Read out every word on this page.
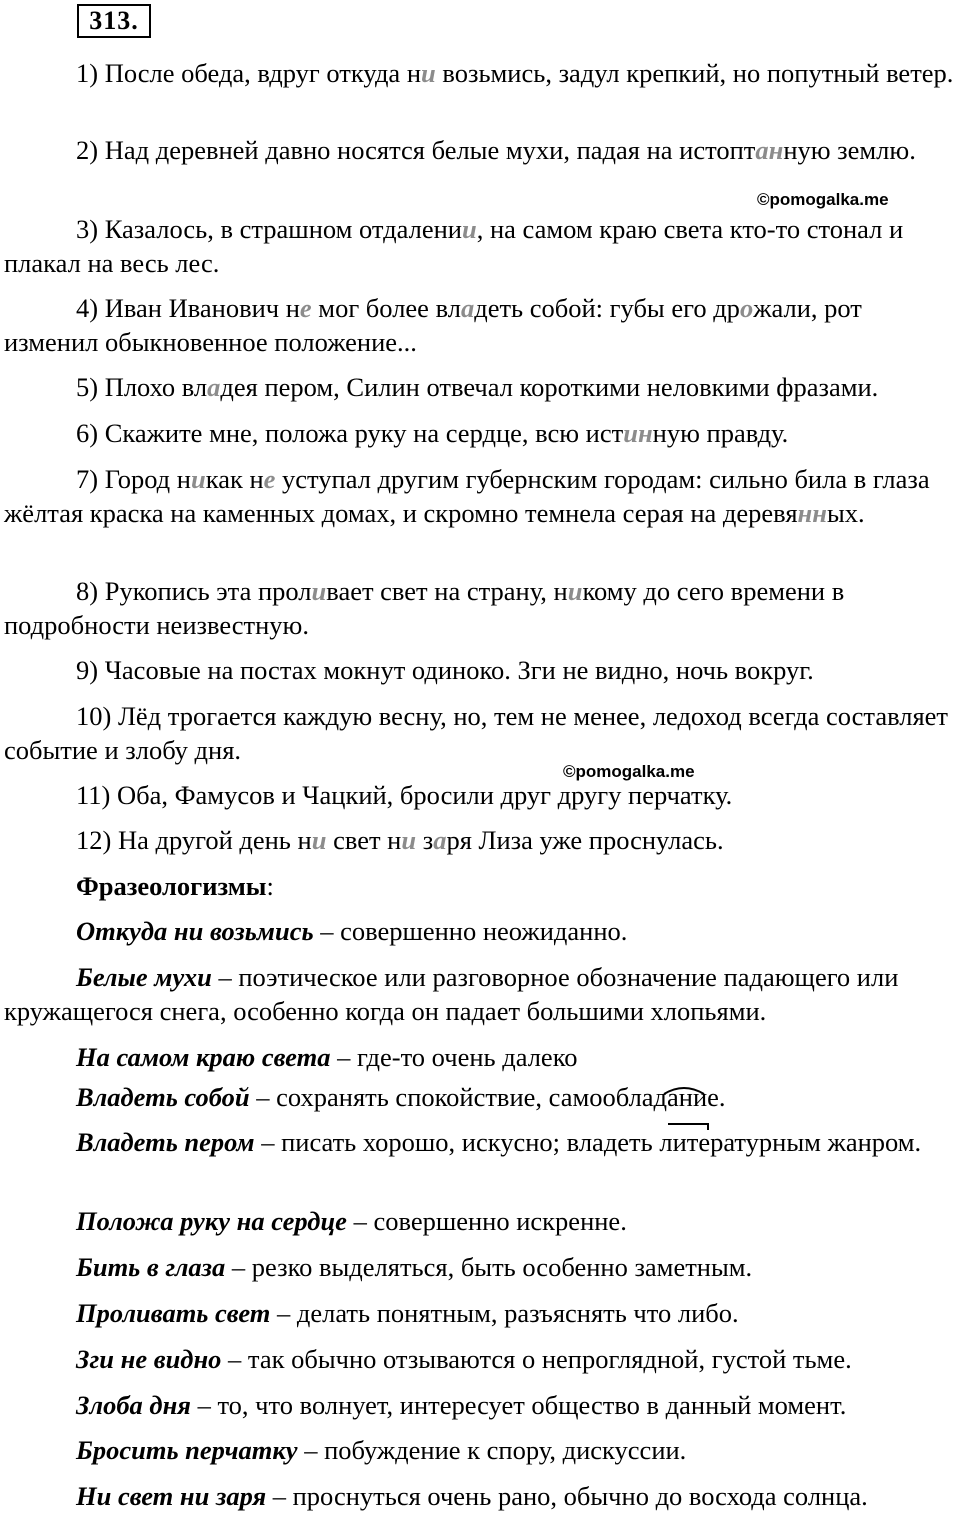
313.

1) После обеда, вдруг откуда ни возьмись, задул крепкий, но попутный ветер.

2) Над деревней давно носятся белые мухи, падая на истоптанную землю.

©pomogalka.me

3) Казалось, в страшном отдалении, на самом краю света кто-то стонал и плакал на весь лес.

4) Иван Иванович не мог более владеть собой: губы его дрожали, рот изменил обыкновенное положение...

5) Плохо владея пером, Силин отвечал короткими неловкими фразами.

6) Скажите мне, положа руку на сердце, всю истинную правду.

7) Город никак не уступал другим губернским городам: сильно била в глаза жёлтая краска на каменных домах, и скромно темнела серая на деревянных.

8) Рукопись эта проливает свет на страну, никому до сего времени в подробности неизвестную.

9) Часовые на постах мокнут одиноко. Зги не видно, ночь вокруг.

10) Лёд трогается каждую весну, но, тем не менее, ледоход всегда составляет событие и злобу дня.

©pomogalka.me

11) Оба, Фамусов и Чацкий, бросили друг другу перчатку.

12) На другой день ни свет ни заря Лиза уже проснулась.

Фразеологизмы:

Откуда ни возьмись – совершенно неожиданно.

Белые мухи – поэтическое или разговорное обозначение падающего или кружащегося снега, особенно когда он падает большими хлопьями.

На самом краю света – где-то очень далеко

Владеть собой – сохранять спокойствие, самообладание.

Владеть пером – писать хорошо, искусно; владеть литературным жанром.

Положа руку на сердце – совершенно искренне.

Бить в глаза – резко выделяться, быть особенно заметным.

Проливать свет – делать понятным, разъяснять что либо.

Зги не видно – так обычно отзываются о непроглядной, густой тьме.

Злоба дня – то, что волнует, интересует общество в данный момент.

Бросить перчатку – побуждение к спору, дискуссии.

Ни свет ни заря – проснуться очень рано, обычно до восхода солнца.
